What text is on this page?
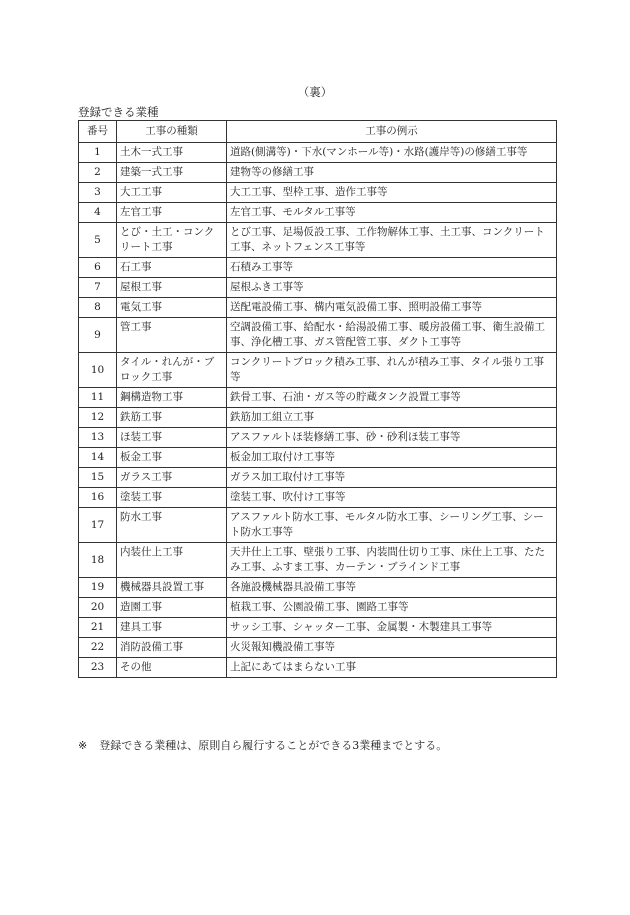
（裏）
登録できる業種
番号	工事の種類	工事の例示
1	土木一式工事	道路(側溝等)・下水(マンホール等)・水路(護岸等)の修繕工事等
2	建築一式工事	建物等の修繕工事
3	大工工事	大工工事、型枠工事、造作工事等
4	左官工事	左官工事、モルタル工事等
5	とび・土工・コンクリート工事	とび工事、足場仮設工事、工作物解体工事、土工事、コンクリート工事、ネットフェンス工事等
6	石工事	石積み工事等
7	屋根工事	屋根ふき工事等
8	電気工事	送配電設備工事、構内電気設備工事、照明設備工事等
9	管工事	空調設備工事、給配水・給湯設備工事、暖房設備工事、衛生設備工事、浄化槽工事、ガス管配管工事、ダクト工事等
10	タイル・れんが・ブロック工事	コンクリートブロック積み工事、れんが積み工事、タイル張り工事等
11	鋼構造物工事	鉄骨工事、石油・ガス等の貯蔵タンク設置工事等
12	鉄筋工事	鉄筋加工組立工事
13	ほ装工事	アスファルトほ装修繕工事、砂・砂利ほ装工事等
14	板金工事	板金加工取付け工事等
15	ガラス工事	ガラス加工取付け工事等
16	塗装工事	塗装工事、吹付け工事等
17	防水工事	アスファルト防水工事、モルタル防水工事、シーリング工事、シート防水工事等
18	内装仕上工事	天井仕上工事、壁張り工事、内装間仕切り工事、床仕上工事、たたみ工事、ふすま工事、カーテン・ブラインド工事
19	機械器具設置工事	各施設機械器具設備工事等
20	造園工事	植栽工事、公園設備工事、園路工事等
21	建具工事	サッシ工事、シャッター工事、金属製・木製建具工事等
22	消防設備工事	火災報知機設備工事等
23	その他	上記にあてはまらない工事
※ 登録できる業種は、原則自ら履行することができる3業種までとする。
